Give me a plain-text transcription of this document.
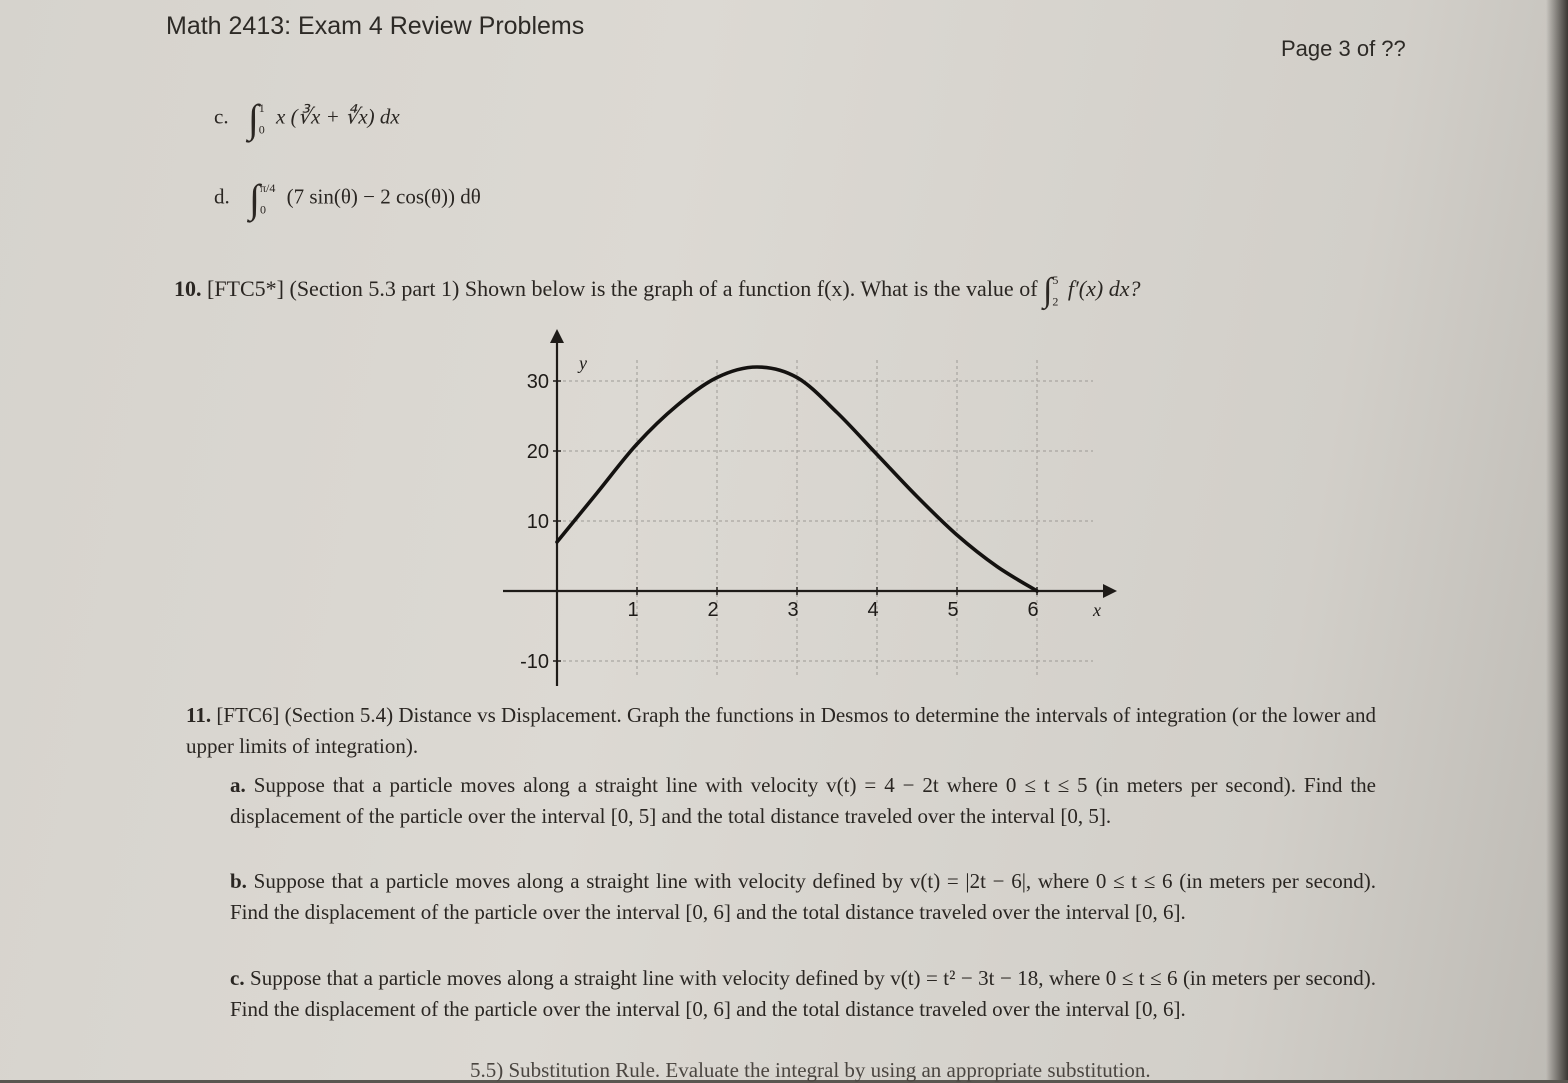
Math 2413: Exam 4 Review Problems
Page 3 of ??
c. ∫$^1$
$_0$ x (∛x + ∜x) dx
d. ∫$^{\pi/4}$
$_0$ (7 sin(θ) − 2 cos(θ)) dθ
10. [FTC5*] (Section 5.3 part 1) Shown below is the graph of a function f(x). What is the value of ∫$^5$
$_2$ f′(x) dx?
1	2	3	4	5	6
30
20
10
-10
x
y
11. [FTC6] (Section 5.4) Distance vs Displacement. Graph the functions in Desmos to determine the intervals of integration (or the lower and upper limits of integration).
a. Suppose that a particle moves along a straight line with velocity v(t) = 4 − 2t where 0 ≤ t ≤ 5 (in meters per second). Find the displacement of the particle over the interval [0, 5] and the total distance traveled over the interval [0, 5].
b. Suppose that a particle moves along a straight line with velocity defined by v(t) = |2t − 6|, where 0 ≤ t ≤ 6 (in meters per second). Find the displacement of the particle over the interval [0, 6] and the total distance traveled over the interval [0, 6].
c. Suppose that a particle moves along a straight line with velocity defined by v(t) = t² − 3t − 18, where 0 ≤ t ≤ 6 (in meters per second). Find the displacement of the particle over the interval [0, 6] and the total distance traveled over the interval [0, 6].
5.5) Substitution Rule. Evaluate the integral by using an appropriate substitution.
